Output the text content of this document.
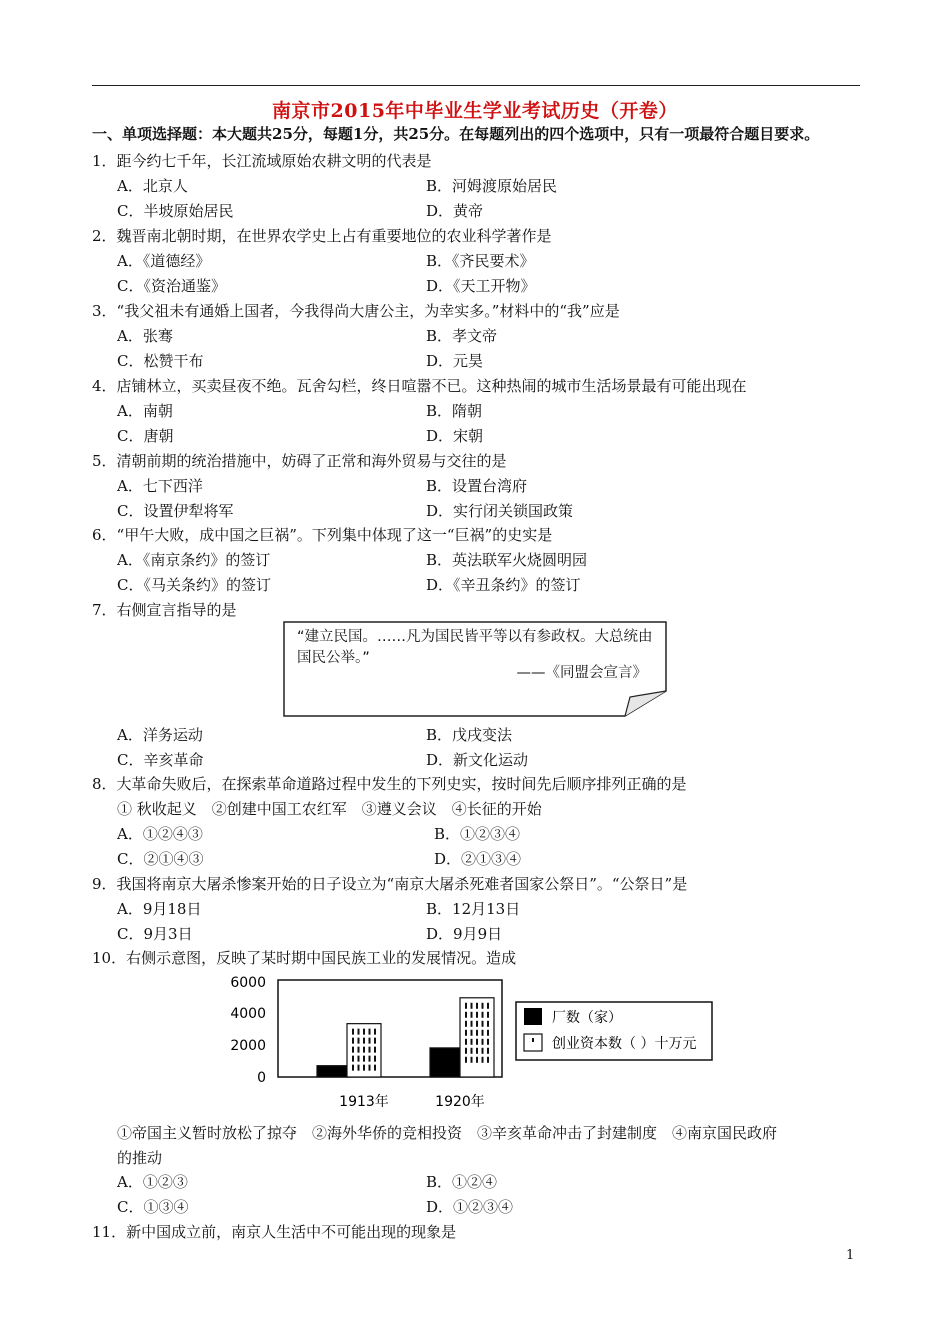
南京市2015年中毕业生学业考试历史（开卷）
一、单项选择题：本大题共25分，每题1分，共25分。在每题列出的四个选项中，只有一项最符合题目要求。
1．距今约七千年，长江流域原始农耕文明的代表是
A．北京人	B．河姆渡原始居民
C．半坡原始居民	D．黄帝
2．魏晋南北朝时期，在世界农学史上占有重要地位的农业科学著作是
A．《道德经》	B．《齐民要术》
C．《资治通鉴》	D．《天工开物》
3．“我父祖未有通婚上国者，今我得尚大唐公主，为幸实多。”材料中的“我”应是
A．张骞	B．孝文帝
C．松赞干布	D．元昊
4．店铺林立，买卖昼夜不绝。瓦舍勾栏，终日喧嚣不已。这种热闹的城市生活场景最有可能出现在
A．南朝	B．隋朝
C．唐朝	D．宋朝
5．清朝前期的统治措施中，妨碍了正常和海外贸易与交往的是
A．七下西洋	B．设置台湾府
C．设置伊犁将军	D．实行闭关锁国政策
6．“甲午大败，成中国之巨祸”。下列集中体现了这一“巨祸”的史实是
A．《南京条约》的签订	B．英法联军火烧圆明园
C．《马关条约》的签订	D．《辛丑条约》的签订
7．右侧宣言指导的是
“建立民国。……凡为国民皆平等以有参政权。大总统由国民公举。”
——《同盟会宣言》
A．洋务运动	B．戊戌变法
C．辛亥革命	D．新文化运动
8．大革命失败后，在探索革命道路过程中发生的下列史实，按时间先后顺序排列正确的是
① 秋收起义　②创建中国工农红军　③遵义会议　④长征的开始
A．①②④③	B．①②③④
C．②①④③	D．②①③④
9．我国将南京大屠杀惨案开始的日子设立为“南京大屠杀死难者国家公祭日”。“公祭日”是
A．9月18日	B．12月13日
C．9月3日	D．9月9日
10．右侧示意图，反映了某时期中国民族工业的发展情况。造成
6000
4000
2000
0
1913年	1920年
厂数（家）
创业资本数（ ）十万元
①帝国主义暂时放松了掠夺　②海外华侨的竞相投资　③辛亥革命冲击了封建制度　④南京国民政府
的推动
A．①②③	B．①②④
C．①③④	D．①②③④
11．新中国成立前，南京人生活中不可能出现的现象是
1
